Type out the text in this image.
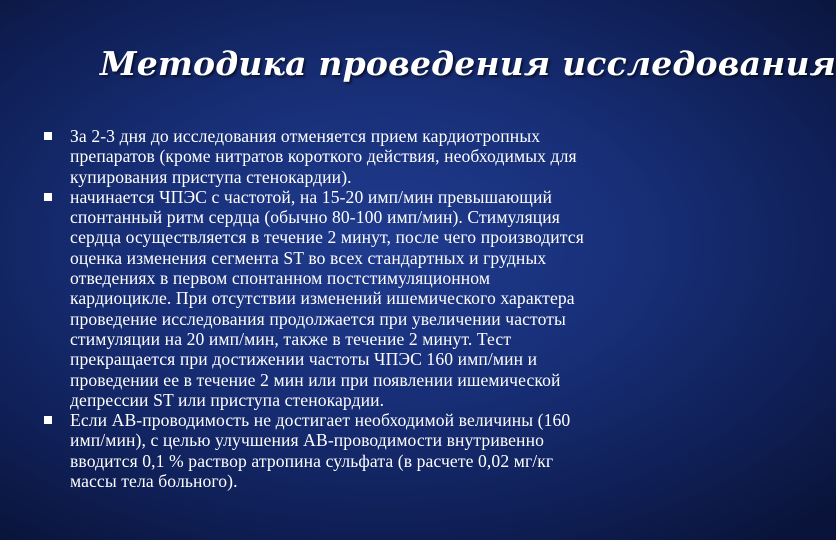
Методика проведения исследования
За 2-3 дня до исследования отменяется прием кардиотропных
препаратов (кроме нитратов короткого действия, необходимых для
купирования приступа стенокардии).
начинается ЧПЭС с частотой, на 15-20 имп/мин превышающий
спонтанный ритм сердца (обычно 80-100 имп/мин). Стимуляция
сердца осуществляется в течение 2 минут, после чего производится
оценка изменения сегмента ST во всех стандартных и грудных
отведениях в первом спонтанном постстимуляционном
кардиоцикле. При отсутствии изменений ишемического характера
проведение исследования продолжается при увеличении частоты
стимуляции на 20 имп/мин, также в течение 2 минут. Тест
прекращается при достижении частоты ЧПЭС 160 имп/мин и
проведении ее в течение 2 мин или при появлении ишемической
депрессии ST или приступа стенокардии.
Если АВ-проводимость не достигает необходимой величины (160
имп/мин), с целью улучшения АВ-проводимости внутривенно
вводится 0,1 % раствор атропина сульфата (в расчете 0,02 мг/кг
массы тела больного).
